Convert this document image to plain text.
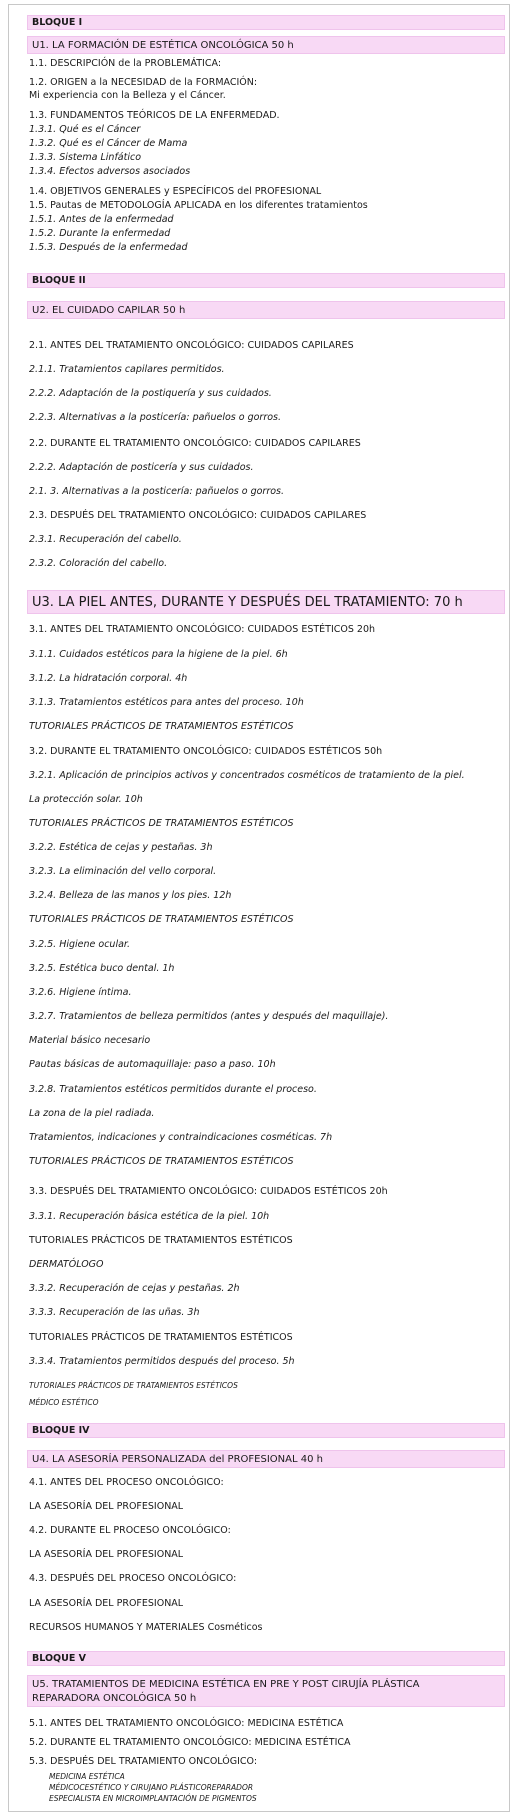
BLOQUE I
U1. LA FORMACIÓN DE ESTÉTICA ONCOLÓGICA 50 h
1.1. DESCRIPCIÓN de la PROBLEMÁTICA:
1.2. ORIGEN a la NECESIDAD de la FORMACIÓN:
Mi experiencia con la Belleza y el Cáncer.
1.3. FUNDAMENTOS TEÓRICOS DE LA ENFERMEDAD.
1.3.1. Qué es el Cáncer
1.3.2. Qué es el Cáncer de Mama
1.3.3. Sistema Linfático
1.3.4. Efectos adversos asociados
1.4. OBJETIVOS GENERALES y ESPECÍFICOS del PROFESIONAL
1.5. Pautas de METODOLOGÍA APLICADA en los diferentes tratamientos
1.5.1. Antes de la enfermedad
1.5.2. Durante la enfermedad
1.5.3. Después de la enfermedad
BLOQUE II
U2. EL CUIDADO CAPILAR 50 h
2.1. ANTES DEL TRATAMIENTO ONCOLÓGICO: CUIDADOS CAPILARES
2.1.1. Tratamientos capilares permitidos.
2.2.2. Adaptación de la postiquería y sus cuidados.
2.2.3. Alternativas a la posticería: pañuelos o gorros.
2.2. DURANTE EL TRATAMIENTO ONCOLÓGICO: CUIDADOS CAPILARES
2.2.2. Adaptación de posticería y sus cuidados.
2.1. 3. Alternativas a la posticería: pañuelos o gorros.
2.3. DESPUÉS DEL TRATAMIENTO ONCOLÓGICO: CUIDADOS CAPILARES
2.3.1. Recuperación del cabello.
2.3.2. Coloración del cabello.
U3. LA PIEL ANTES, DURANTE Y DESPUÉS DEL TRATAMIENTO: 70 h
3.1. ANTES DEL TRATAMIENTO ONCOLÓGICO: CUIDADOS ESTÉTICOS 20h
3.1.1. Cuidados estéticos para la higiene de la piel. 6h
3.1.2. La hidratación corporal. 4h
3.1.3. Tratamientos estéticos para antes del proceso. 10h
TUTORIALES PRÁCTICOS DE TRATAMIENTOS ESTÉTICOS
3.2. DURANTE EL TRATAMIENTO ONCOLÓGICO: CUIDADOS ESTÉTICOS 50h
3.2.1. Aplicación de principios activos y concentrados cosméticos de tratamiento de la piel.
La protección solar. 10h
TUTORIALES PRÁCTICOS DE TRATAMIENTOS ESTÉTICOS
3.2.2. Estética de cejas y pestañas. 3h
3.2.3. La eliminación del vello corporal.
3.2.4. Belleza de las manos y los pies. 12h
TUTORIALES PRÁCTICOS DE TRATAMIENTOS ESTÉTICOS
3.2.5. Higiene ocular.
3.2.5. Estética buco dental. 1h
3.2.6. Higiene íntima.
3.2.7. Tratamientos de belleza permitidos (antes y después del maquillaje).
Material básico necesario
Pautas básicas de automaquillaje: paso a paso. 10h
3.2.8. Tratamientos estéticos permitidos durante el proceso.
La zona de la piel radiada.
Tratamientos, indicaciones y contraindicaciones cosméticas. 7h
TUTORIALES PRÁCTICOS DE TRATAMIENTOS ESTÉTICOS
3.3. DESPUÉS DEL TRATAMIENTO ONCOLÓGICO: CUIDADOS ESTÉTICOS 20h
3.3.1. Recuperación básica estética de la piel. 10h
TUTORIALES PRÁCTICOS DE TRATAMIENTOS ESTÉTICOS
DERMATÓLOGO
3.3.2. Recuperación de cejas y pestañas. 2h
3.3.3. Recuperación de las uñas. 3h
TUTORIALES PRÁCTICOS DE TRATAMIENTOS ESTÉTICOS
3.3.4. Tratamientos permitidos después del proceso. 5h
TUTORIALES PRÁCTICOS DE TRATAMIENTOS ESTÉTICOS
MÉDICO ESTÉTICO
BLOQUE IV
U4. LA ASESORÍA PERSONALIZADA del PROFESIONAL 40 h
4.1. ANTES DEL PROCESO ONCOLÓGICO:
LA ASESORÍA DEL PROFESIONAL
4.2. DURANTE EL PROCESO ONCOLÓGICO:
LA ASESORÍA DEL PROFESIONAL
4.3. DESPUÉS DEL PROCESO ONCOLÓGICO:
LA ASESORÍA DEL PROFESIONAL
RECURSOS HUMANOS Y MATERIALES Cosméticos
BLOQUE V
U5. TRATAMIENTOS DE MEDICINA ESTÉTICA EN PRE Y POST CIRUJÍA PLÁSTICA
REPARADORA ONCOLÓGICA 50 h
5.1. ANTES DEL TRATAMIENTO ONCOLÓGICO: MEDICINA ESTÉTICA
5.2. DURANTE EL TRATAMIENTO ONCOLÓGICO: MEDICINA ESTÉTICA
5.3. DESPUÉS DEL TRATAMIENTO ONCOLÓGICO:
MEDICINA ESTÉTICA
MÉDICOCESTÉTICO Y CIRUJANO PLÁSTICOREPARADOR
ESPECIALISTA EN MICROIMPLANTACIÓN DE PIGMENTOS
